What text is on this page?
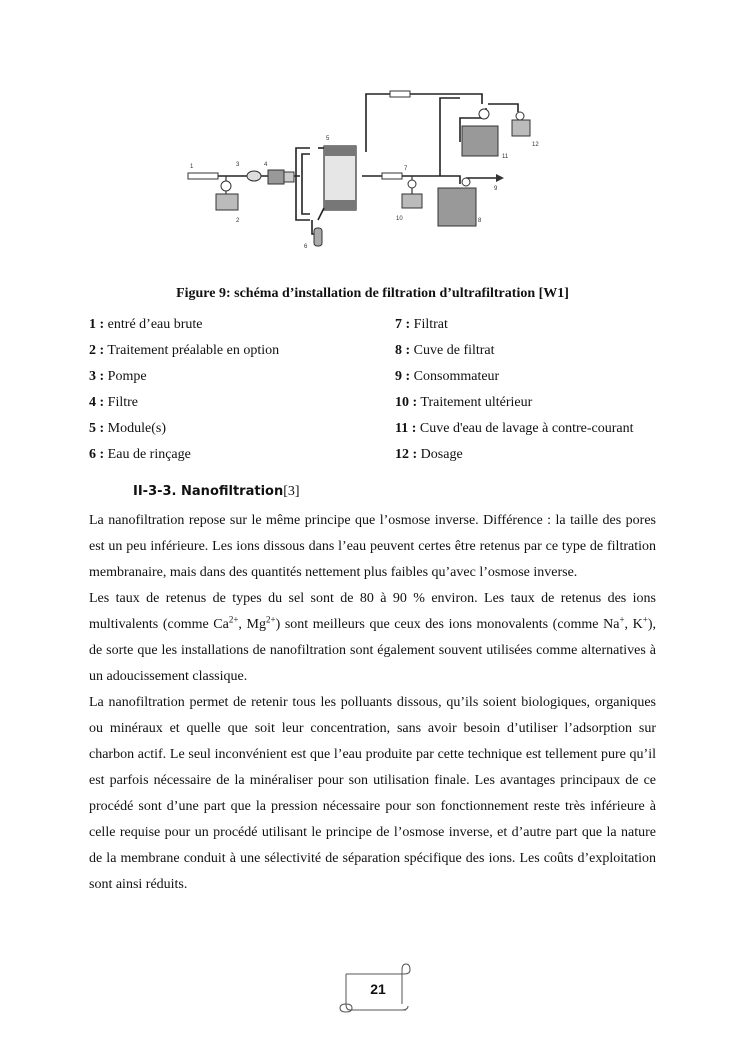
1
2
3	4
5
6
7
8
9
10
11
12
Figure 9: schéma d’installation de filtration d’ultrafiltration [W1]
1 : entré d’eau brute
2 : Traitement préalable en option
3 : Pompe
4 : Filtre
5 : Module(s)
6 : Eau de rinçage
7 : Filtrat
8 : Cuve de filtrat
9 : Consommateur
10 : Traitement ultérieur
11 : Cuve d'eau de lavage à contre-courant
12 : Dosage
II-3-3. Nanofiltration[3]

La nanofiltration repose sur le même principe que l’osmose inverse. Différence : la taille des pores est un peu inférieure. Les ions dissous dans l’eau peuvent certes être retenus par ce type de filtration membranaire, mais dans des quantités nettement plus faibles qu’avec l’osmose inverse.

Les taux de retenus de types du sel sont de 80 à 90 % environ. Les taux de retenus des ions multivalents (comme $Ca^{2+}$, $Mg^{2+}$) sont meilleurs que ceux des ions monovalents (comme Na+, K+), de sorte que les installations de nanofiltration sont également souvent utilisées comme alternatives à un adoucissement classique.

La nanofiltration permet de retenir tous les polluants dissous, qu’ils soient biologiques, organiques ou minéraux et quelle que soit leur concentration, sans avoir besoin d’utiliser l’adsorption sur charbon actif. Le seul inconvénient est que l’eau produite par cette technique est tellement pure qu’il est parfois nécessaire de la minéraliser pour son utilisation finale. Les avantages principaux de ce procédé sont d’une part que la pression nécessaire pour son fonctionnement reste très inférieure à celle requise pour un procédé utilisant le principe de l’osmose inverse, et d’autre part que la nature de la membrane conduit à une sélectivité de séparation spécifique des ions. Les coûts d’exploitation sont ainsi réduits.

21
